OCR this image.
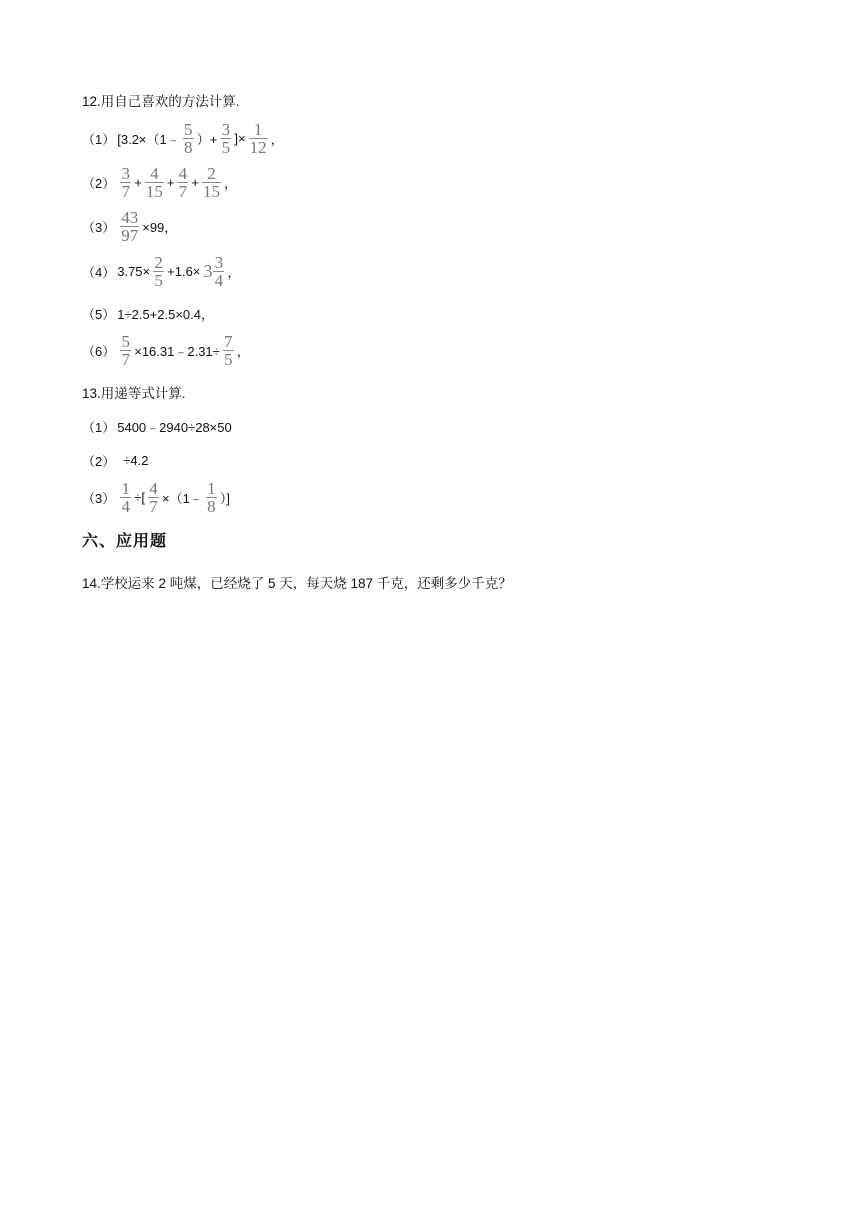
12.用自己喜欢的方法计算.
（1） [3.2×（1﹣ $\frac{5}{8}$ ）+ $\frac{3}{5}$ ]× $\frac{1}{12}$ ，
$(2) \frac{3}{7} + \frac{4}{15} + \frac{4}{7} + \frac{2}{15}$ ，
$(3) \frac{43}{97} \times 99$，
（4） $3.75\times \frac{2}{5} +1.6\times 3 \frac{3}{4}$ ，
（5） 1÷2.5+2.5×0.4，
$(6) \frac{5}{7}$ ×16.31﹣2.31÷ $\frac{7}{5}$ ，
13.用递等式计算.
（1） 5400﹣2940÷28×50
（2） ÷4.2
$(3) \frac{1}{4}$ ÷[ $\frac{4}{7}$ ×（1﹣ $\frac{1}{8}$ ）]
六、应用题
14.学校运来 2 吨煤，已经烧了 5 天，每天烧 187 千克，还剩多少千克？
